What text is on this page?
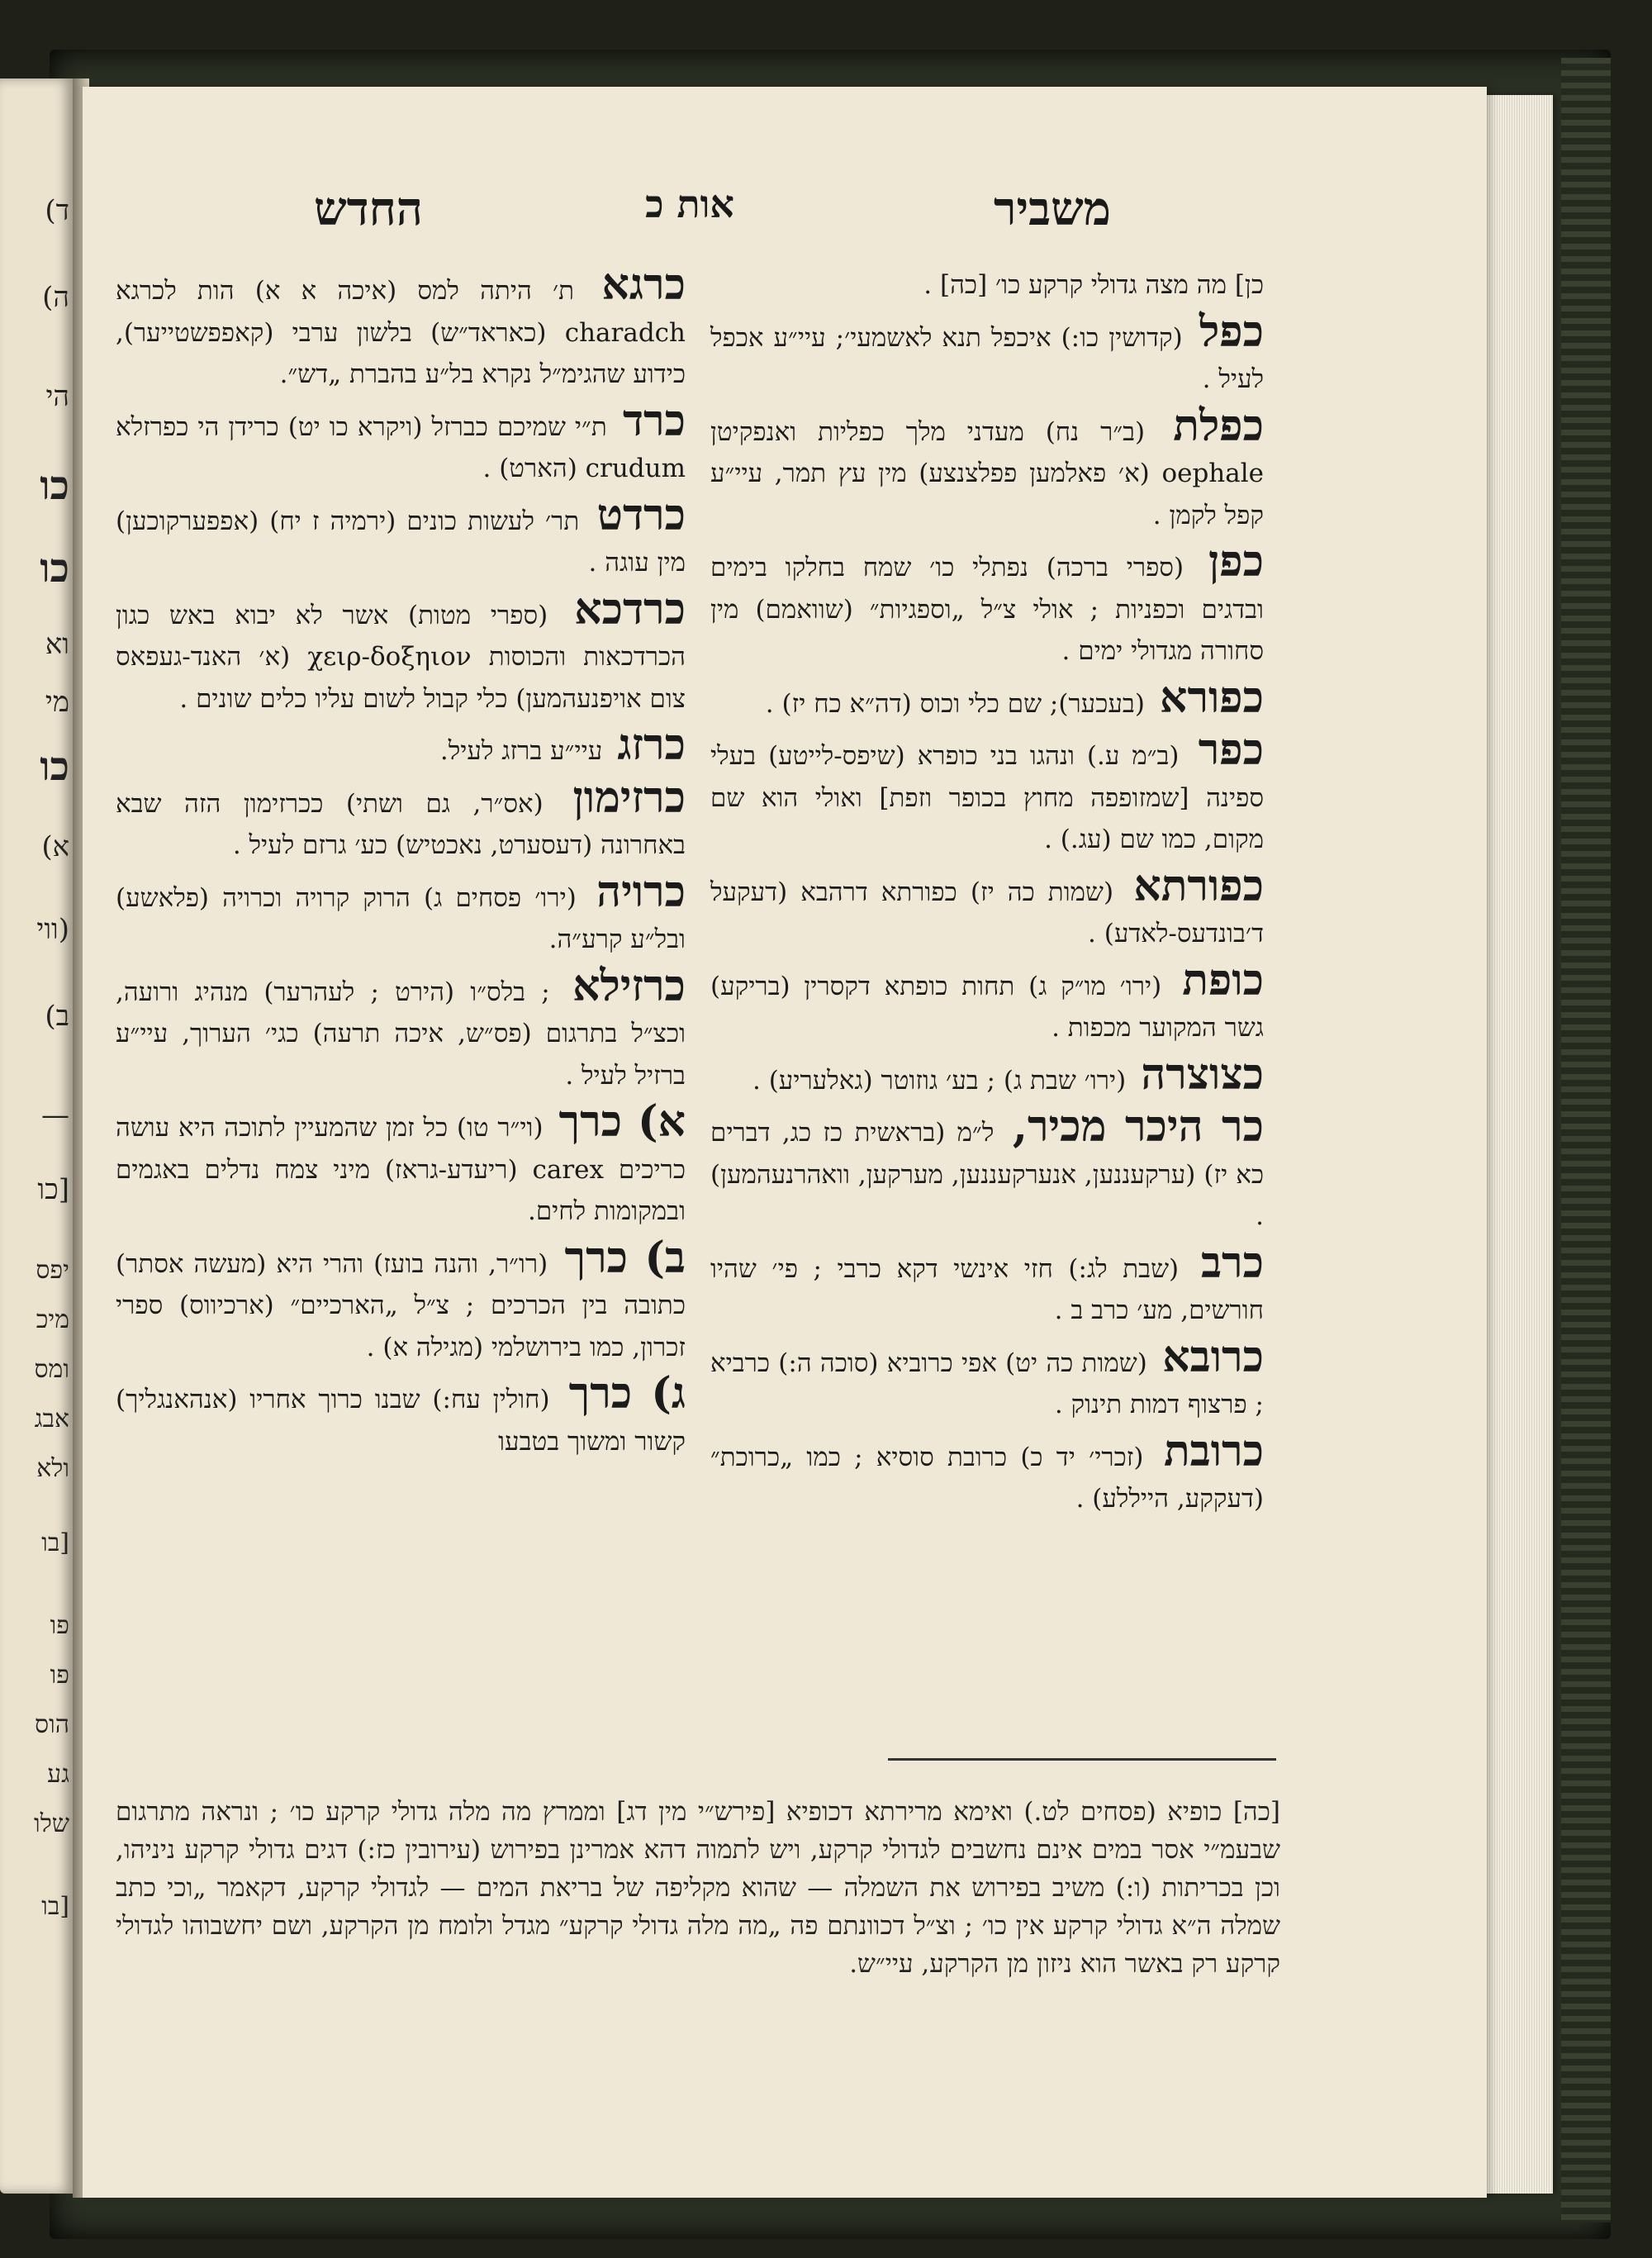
ד)
ה)
הי
כו
כו
וא
מי
כו
א)
(ווי
ב)
—
[כו
יפס
מיכ
ומס
אבג
ולא
[בו
פו
פו
הוס
גע
שלו
[בו
משביר
אות כ
החדש

כן] מה מצה גדולי קרקע כו׳ [כה] .

כפל (קדושין כו:) איכפל תנא לאשמעי׳; עיי״ע אכפל לעיל .

כפלת (ב״ר נח) מעדני מלך כפליות ואנפקיטן oephale (א׳ פאלמען פפלצנצע) מין עץ תמר, עיי״ע קפל לקמן .

כפן (ספרי ברכה) נפתלי כו׳ שמח בחלקו בימים ובדגים וכפניות ; אולי צ״ל „וספגיות״ (שוואמם) מין סחורה מגדולי ימים .

כפורא (בעכער); שם כלי וכוס (דה״א כח יז) .

כפר (ב״מ ע.) ונהגו בני כופרא (שיפס-לייטע) בעלי ספינה [שמזופפה מחוץ בכופר וזפת] ואולי הוא שם מקום, כמו שם (עג.) .

כפורתא (שמות כה יז) כפורתא דרהבא (דעקעל ד׳בונדעס-לאדע) .

כופת (ירו׳ מו״ק ג) תחות כופתא דקסרין (בריקע) גשר המקוער מכפות .

כצוצרה (ירו׳ שבת ג) ; בע׳ גוזוטר (גאלעריע) .

כר היכר מכיר, ל״מ (בראשית כז כג, דברים כא יז) (ערקעננען, אנערקעננען, מערקען, וואהרנעהמען) .

כרב (שבת לג:) חזי אינשי דקא כרבי ; פי׳ שהיו חורשים, מע׳ כרב ב .

כרובא (שמות כה יט) אפי כרוביא (סוכה ה:) כרביא ; פרצוף דמות תינוק .

כרובת (זכרי׳ יד כ) כרובת סוסיא ; כמו „כרוכת״ (דעקקע, הייללע) .

כרגא ת׳ היתה למס (איכה א א) הות לכרגא charadch (כאראד״ש) בלשון ערבי (קאפפשטייער), כידוע שהגימ״ל נקרא בל״ע בהברת „דש״.

כרד ת״י שמיכם כברזל (ויקרא כו יט) כרידן הי כפרזלא crudum (הארט) .

כרדט תר׳ לעשות כונים (ירמיה ז יח) (אפפערקוכען) מין עוגה .

כרדכא (ספרי מטות) אשר לא יבוא באש כגון הכרדכאות והכוסות χειρ-δοξηιον (א׳ האנד-געפאס צום אויפנעהמען) כלי קבול לשום עליו כלים שונים .

כרזג עיי״ע ברזג לעיל.

כרזימון (אס״ר, גם ושתי) ככרזימון הזה שבא באחרונה (דעסערט, נאכטיש) כע׳ גרזם לעיל .

כרויה (ירו׳ פסחים ג) הרוק קרויה וכרויה (פלאשע) ובל״ע קרע״ה.

כרזילא ; בלס״ו (הירט ; לעהרער) מנהיג ורועה, וכצ״ל בתרגום (פס״ש, איכה תרעה) כגי׳ הערוך, עיי״ע ברזיל לעיל .

א) כרך (וי״ר טו) כל זמן שהמעיין לתוכה היא עושה כריכים carex (ריעדע-גראז) מיני צמח נדלים באגמים ובמקומות לחים.

ב) כרך (רו״ר, והנה בועז) והרי היא (מעשה אסתר) כתובה בין הכרכים ; צ״ל „הארכיים״ (ארכיווס) ספרי זכרון, כמו בירושלמי (מגילה א) .

ג) כרך (חולין עח:) שבנו כרוך אחריו (אנהאנגליך) קשור ומשוך בטבעו

[כה] כופיא (פסחים לט.) ואימא מרירתא דכופיא [פירש״י מין דג] וממרץ מה מלה גדולי קרקע כו׳ ; ונראה מתרגום שבעמ״י אסר במים אינם נחשבים לגדולי קרקע, ויש לתמוה דהא אמרינן בפירוש (עירובין כז:) דגים גדולי קרקע ניניהו, וכן בכריתות (ו:) משיב בפירוש את השמלה — שהוא מקליפה של בריאת המים — לגדולי קרקע, דקאמר „וכי כתב שמלה ה״א גדולי קרקע אין כו׳ ; וצ״ל דכוונתם פה „מה מלה גדולי קרקע״ מגדל ולומח מן הקרקע, ושם יחשבוהו לגדולי קרקע רק באשר הוא ניזון מן הקרקע, עיי״ש.
